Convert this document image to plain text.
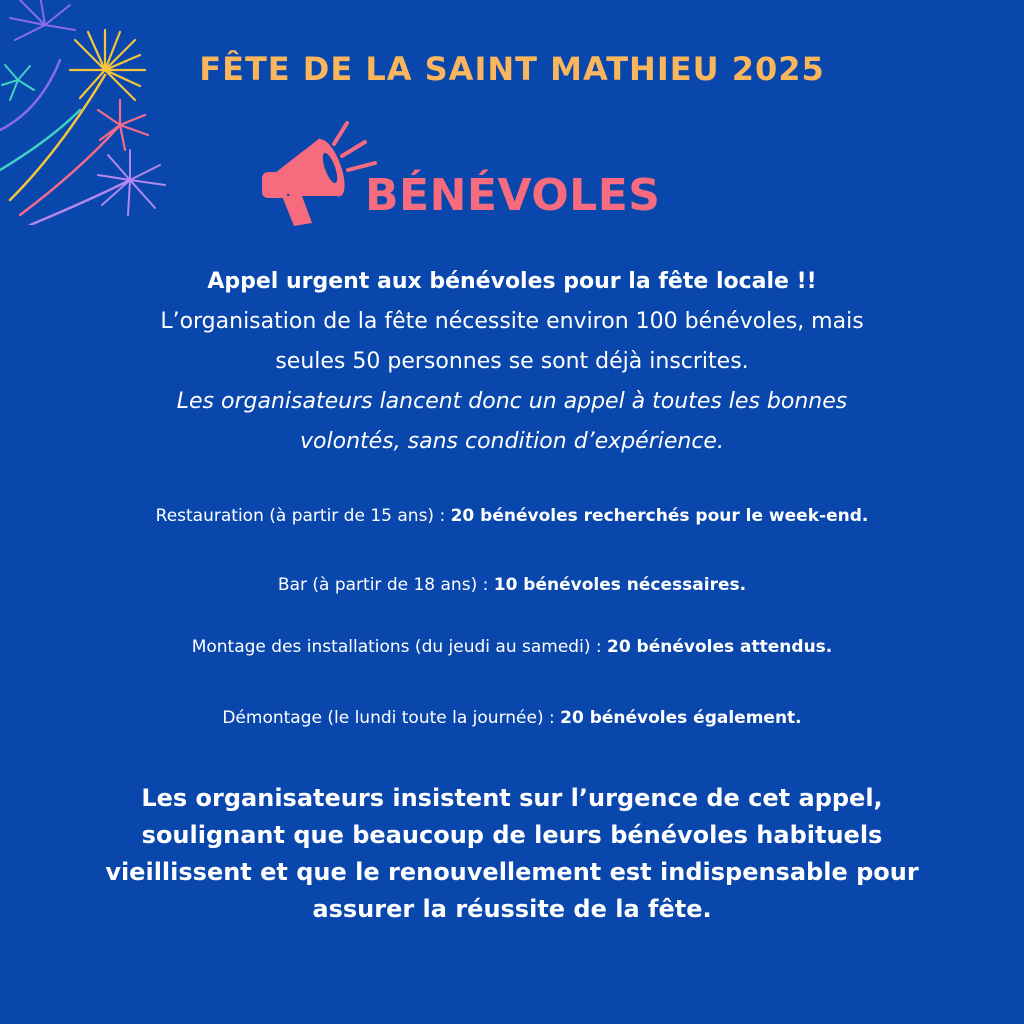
FÊTE DE LA SAINT MATHIEU 2025
BÉNÉVOLES
Appel urgent aux bénévoles pour la fête locale !!
L’organisation de la fête nécessite environ 100 bénévoles, mais
seules 50 personnes se sont déjà inscrites.
Les organisateurs lancent donc un appel à toutes les bonnes
volontés, sans condition d’expérience.
Restauration (à partir de 15 ans) : 20 bénévoles recherchés pour le week-end.
Bar (à partir de 18 ans) : 10 bénévoles nécessaires.
Montage des installations (du jeudi au samedi) : 20 bénévoles attendus.
Démontage (le lundi toute la journée) : 20 bénévoles également.
Les organisateurs insistent sur l’urgence de cet appel,
soulignant que beaucoup de leurs bénévoles habituels
vieillissent et que le renouvellement est indispensable pour
assurer la réussite de la fête.
